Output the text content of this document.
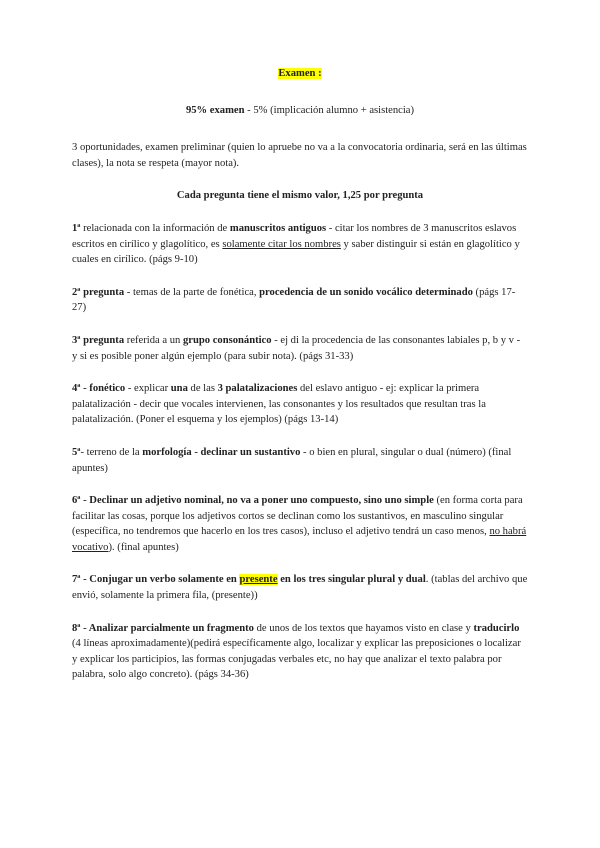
Examen :

95% examen - 5% (implicación alumno + asistencia)

3 oportunidades, examen preliminar (quien lo apruebe no va a la convocatoria ordinaria, será en las últimas clases), la nota se respeta (mayor nota).

Cada pregunta tiene el mismo valor, 1,25 por pregunta

1ª relacionada con la información de manuscritos antiguos - citar los nombres de 3 manuscritos eslavos escritos en cirílico y glagolítico, es solamente citar los nombres y saber distinguir si están en glagolítico y cuales en cirílico. (págs 9-10)

2ª pregunta - temas de la parte de fonética, procedencia de un sonido vocálico determinado (págs 17-27)

3ª pregunta referida a un grupo consonántico - ej di la procedencia de las consonantes labiales p, b y v - y si es posible poner algún ejemplo (para subir nota). (págs 31-33)

4ª - fonético - explicar una de las 3 palatalizaciones del eslavo antiguo - ej: explicar la primera palatalización - decir que vocales intervienen, las consonantes y los resultados que resultan tras la palatalización. (Poner el esquema y los ejemplos) (págs 13-14)

5ª- terreno de la morfología - declinar un sustantivo - o bien en plural, singular o dual (número) (final apuntes)

6ª - Declinar un adjetivo nominal, no va a poner uno compuesto, sino uno simple (en forma corta para facilitar las cosas, porque los adjetivos cortos se declinan como los sustantivos, en masculino singular (específica, no tendremos que hacerlo en los tres casos), incluso el adjetivo tendrá un caso menos, no habrá vocativo). (final apuntes)

7ª - Conjugar un verbo solamente en presente en los tres singular plural y dual. (tablas del archivo que envió, solamente la primera fila, (presente))

8ª - Analizar parcialmente un fragmento de unos de los textos que hayamos visto en clase y traducirlo (4 líneas aproximadamente)(pedirá específicamente algo, localizar y explicar las preposiciones o localizar y explicar los participios, las formas conjugadas verbales etc, no hay que analizar el texto palabra por palabra, solo algo concreto). (págs 34-36)
